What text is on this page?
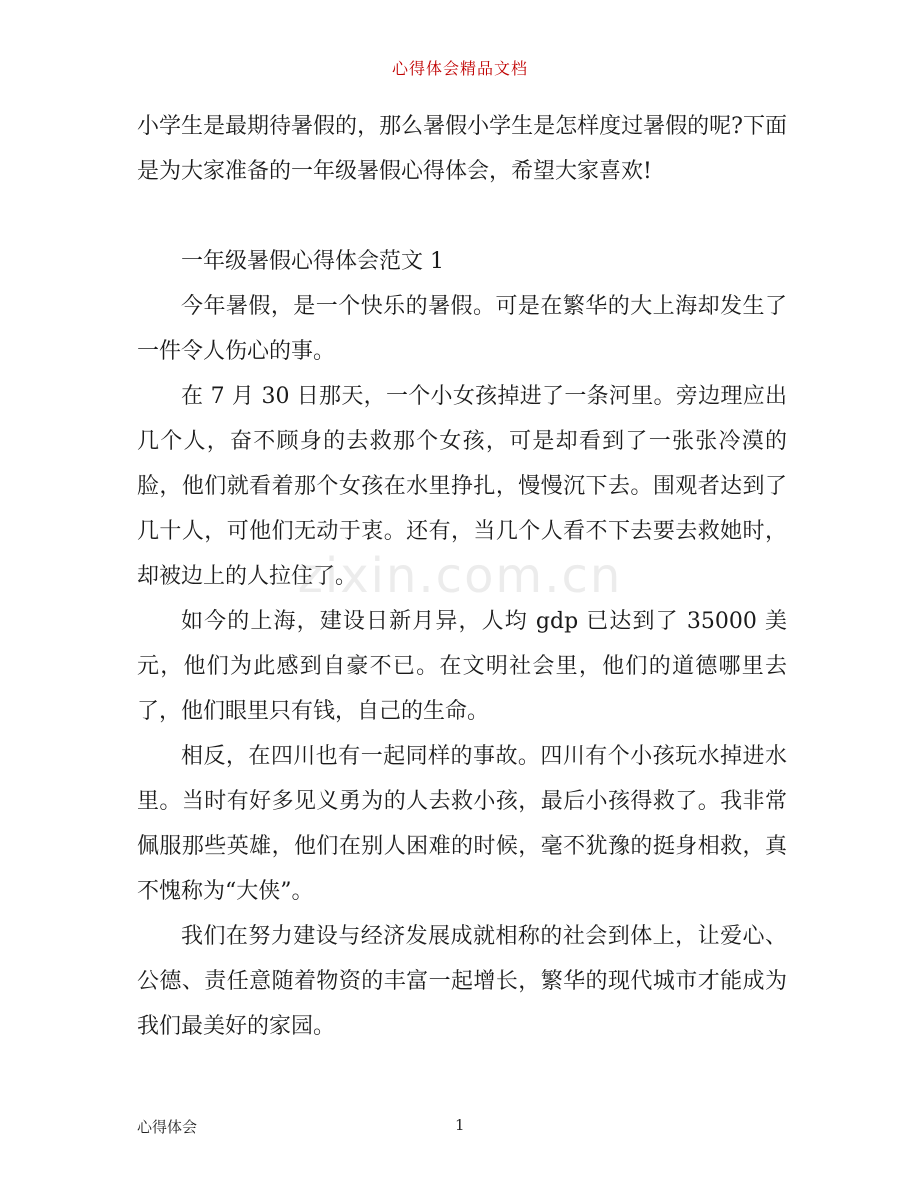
心得体会精品文档

小学生是最期待暑假的，那么暑假小学生是怎样度过暑假的呢?下面是为大家准备的一年级暑假心得体会，希望大家喜欢!

一年级暑假心得体会范文 1

今年暑假，是一个快乐的暑假。可是在繁华的大上海却发生了一件令人伤心的事。

在 7 月 30 日那天，一个小女孩掉进了一条河里。旁边理应出几个人，奋不顾身的去救那个女孩，可是却看到了一张张冷漠的脸，他们就看着那个女孩在水里挣扎，慢慢沉下去。围观者达到了几十人，可他们无动于衷。还有，当几个人看不下去要去救她时，却被边上的人拉住了。

如今的上海，建设日新月异，人均 gdp 已达到了 35000 美元，他们为此感到自豪不已。在文明社会里，他们的道德哪里去了，他们眼里只有钱，自己的生命。

相反，在四川也有一起同样的事故。四川有个小孩玩水掉进水里。当时有好多见义勇为的人去救小孩，最后小孩得救了。我非常佩服那些英雄，他们在别人困难的时候，毫不犹豫的挺身相救，真不愧称为“大侠”。

我们在努力建设与经济发展成就相称的社会到体上，让爱心、公德、责任意随着物资的丰富一起增长，繁华的现代城市才能成为我们最美好的家园。

zixin.com.cn
心得体会	1
